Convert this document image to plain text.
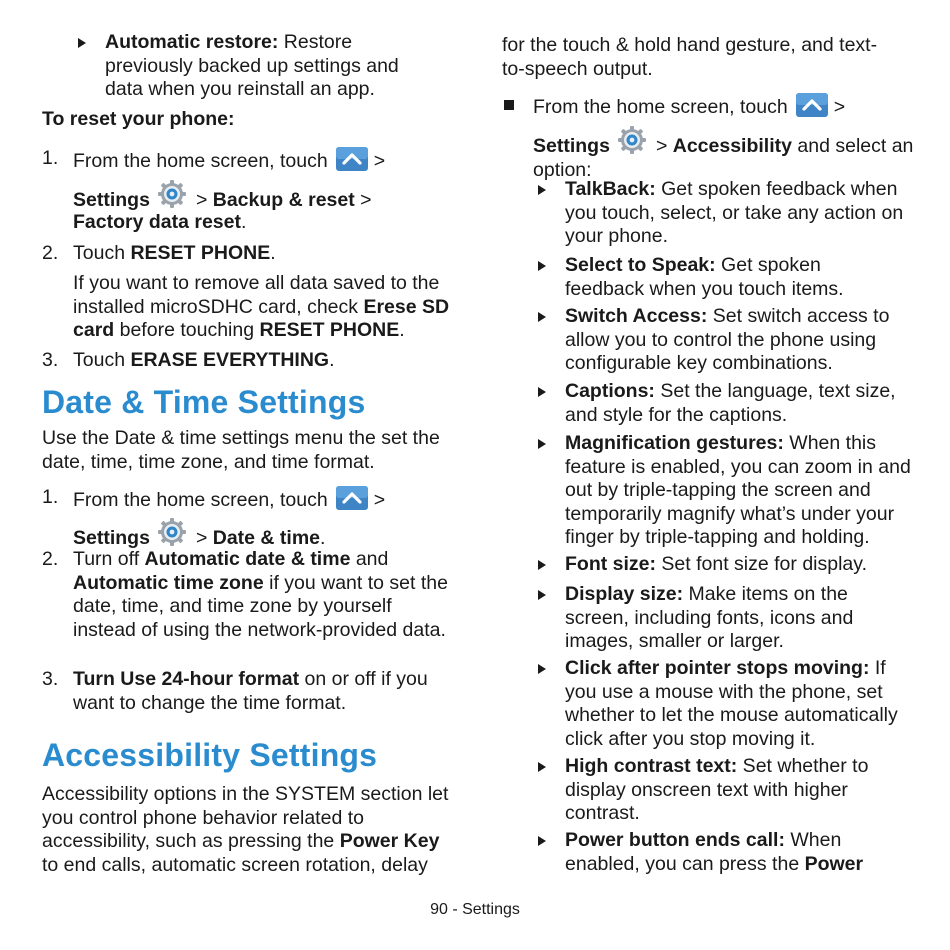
Automatic restore: Restore previously backed up settings and data when you reinstall an app.

To reset your phone:

1. From the home screen, touch >

Settings > Backup & reset >

Factory data reset.

2. Touch RESET PHONE.

If you want to remove all data saved to the installed microSDHC card, check Erese SD card before touching RESET PHONE.

3. Touch ERASE EVERYTHING.

Date & Time Settings

Use the Date & time settings menu the set the date, time, time zone, and time format.

1. From the home screen, touch >

Settings > Date & time.

2. Turn off Automatic date & time and Automatic time zone if you want to set the date, time, and time zone by yourself instead of using the network-provided data.

3. Turn Use 24-hour format on or off if you want to change the time format.

Accessibility Settings

Accessibility options in the SYSTEM section let you control phone behavior related to accessibility, such as pressing the Power Key to end calls, automatic screen rotation, delay

for the touch & hold hand gesture, and text-to-speech output.

From the home screen, touch >

Settings > Accessibility and select an option:

TalkBack: Get spoken feedback when you touch, select, or take any action on your phone.

Select to Speak: Get spoken feedback when you touch items.

Switch Access: Set switch access to allow you to control the phone using configurable key combinations.

Captions: Set the language, text size, and style for the captions.

Magnification gestures: When this feature is enabled, you can zoom in and out by triple-tapping the screen and temporarily magnify what’s under your finger by triple-tapping and holding.

Font size: Set font size for display.

Display size: Make items on the screen, including fonts, icons and images, smaller or larger.

Click after pointer stops moving: If you use a mouse with the phone, set whether to let the mouse automatically click after you stop moving it.

High contrast text: Set whether to display onscreen text with higher contrast.

Power button ends call: When enabled, you can press the Power

90 - Settings
